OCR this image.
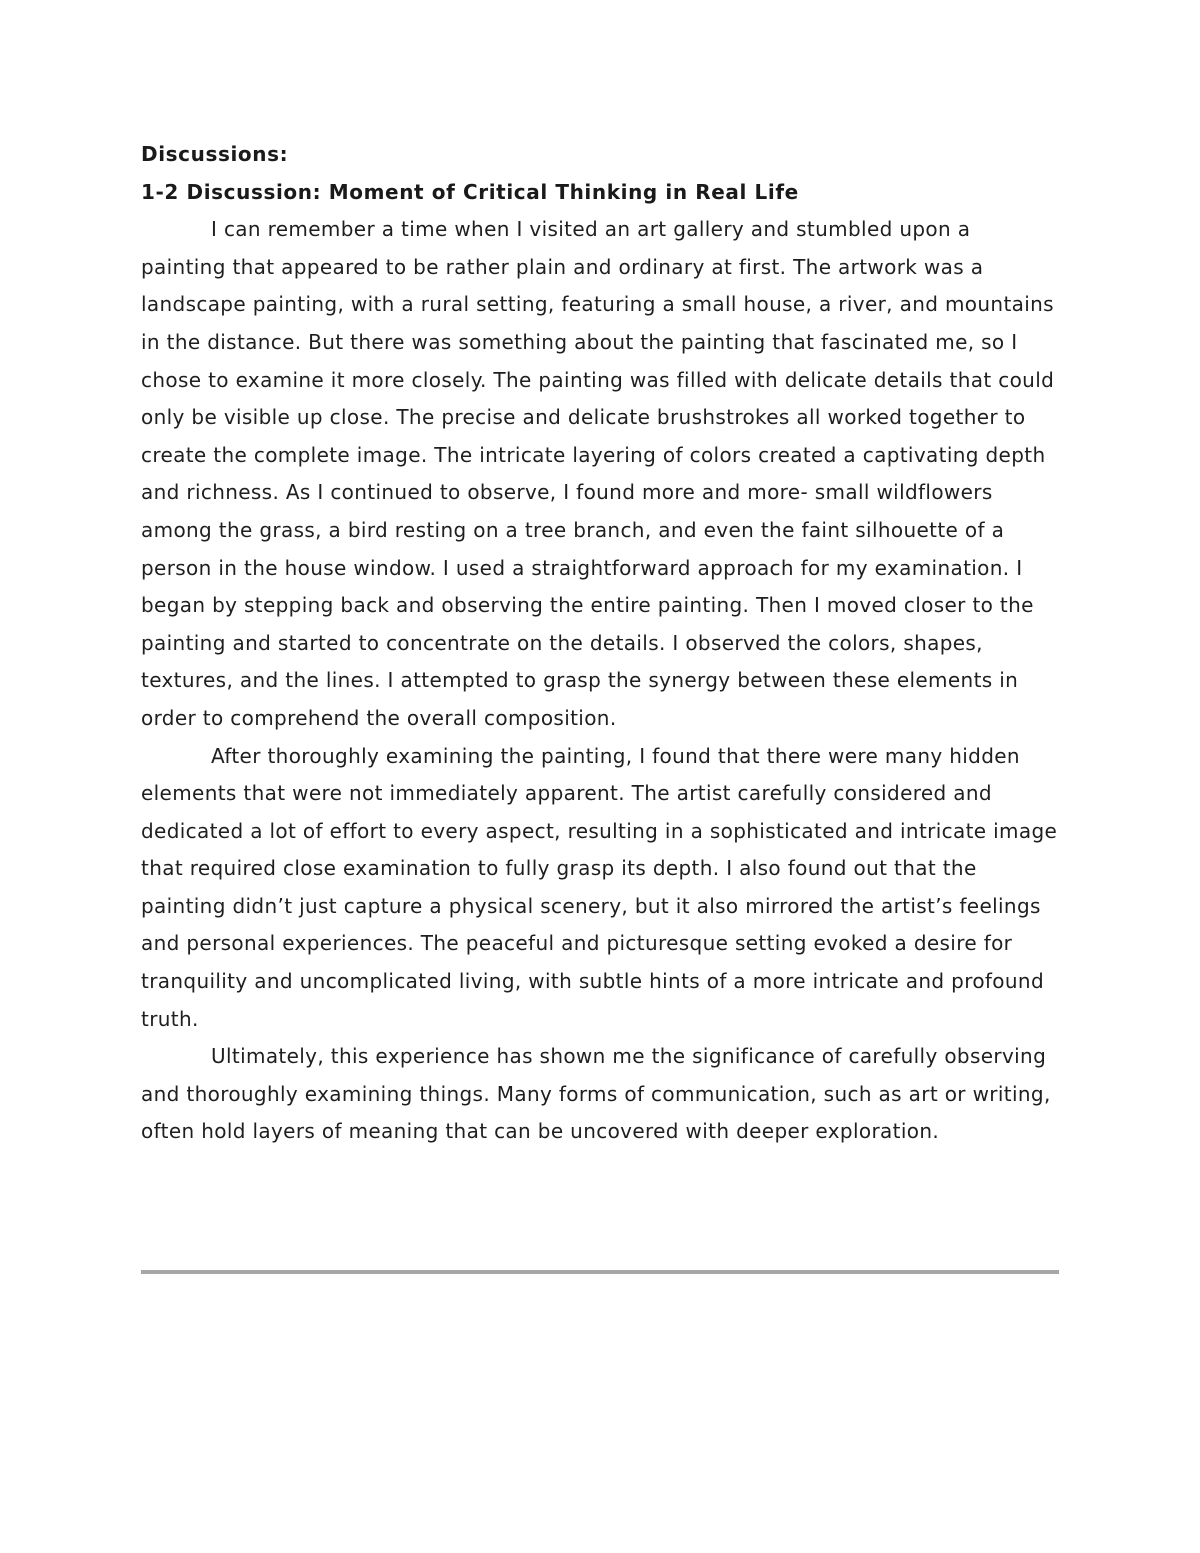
Discussions:

1-2 Discussion: Moment of Critical Thinking in Real Life

I can remember a time when I visited an art gallery and stumbled upon a painting that appeared to be rather plain and ordinary at first. The artwork was a landscape painting, with a rural setting, featuring a small house, a river, and mountains in the distance. But there was something about the painting that fascinated me, so I chose to examine it more closely. The painting was filled with delicate details that could only be visible up close. The precise and delicate brushstrokes all worked together to create the complete image. The intricate layering of colors created a captivating depth and richness. As I continued to observe, I found more and more- small wildflowers among the grass, a bird resting on a tree branch, and even the faint silhouette of a person in the house window. I used a straightforward approach for my examination. I began by stepping back and observing the entire painting. Then I moved closer to the painting and started to concentrate on the details. I observed the colors, shapes, textures, and the lines. I attempted to grasp the synergy between these elements in order to comprehend the overall composition.

After thoroughly examining the painting, I found that there were many hidden elements that were not immediately apparent. The artist carefully considered and dedicated a lot of effort to every aspect, resulting in a sophisticated and intricate image that required close examination to fully grasp its depth. I also found out that the painting didn’t just capture a physical scenery, but it also mirrored the artist’s feelings and personal experiences. The peaceful and picturesque setting evoked a desire for tranquility and uncomplicated living, with subtle hints of a more intricate and profound truth.

Ultimately, this experience has shown me the significance of carefully observing and thoroughly examining things. Many forms of communication, such as art or writing, often hold layers of meaning that can be uncovered with deeper exploration.
